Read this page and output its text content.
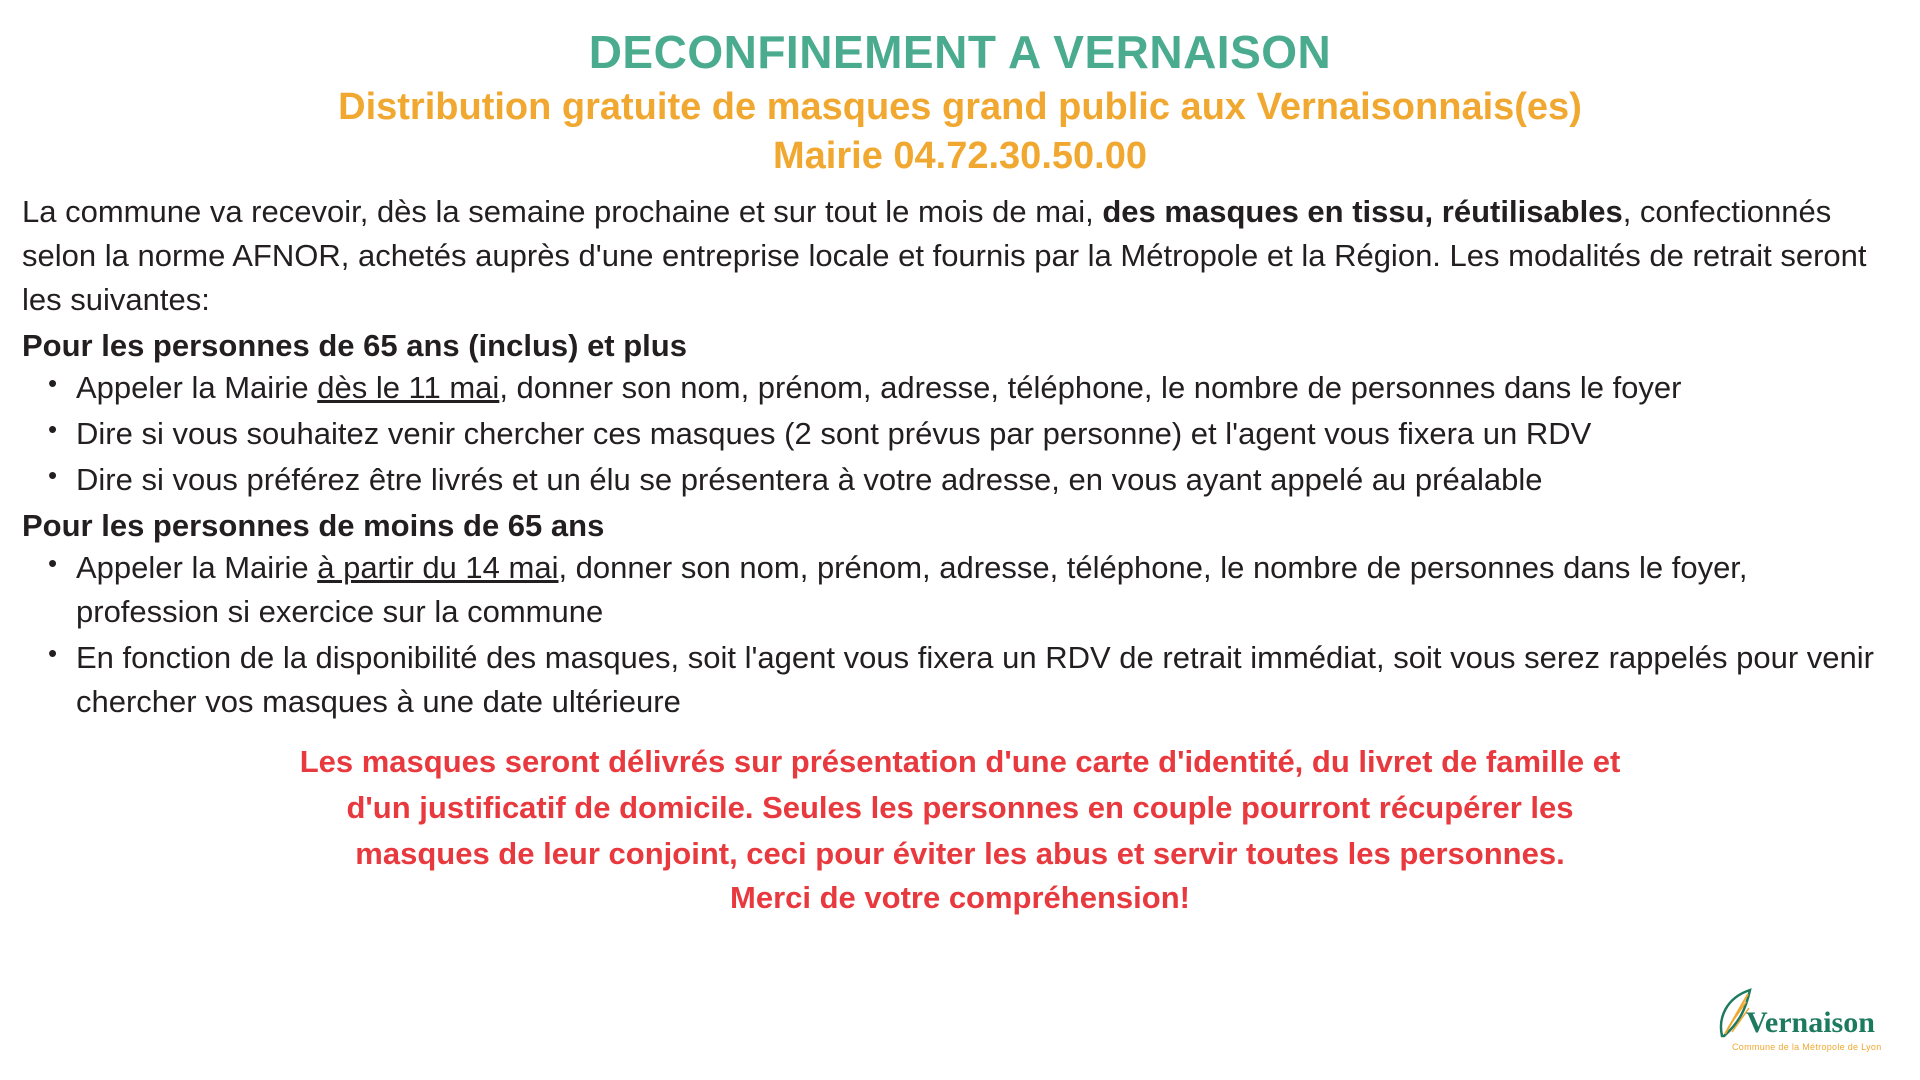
DECONFINEMENT A VERNAISON
Distribution gratuite de masques grand public aux Vernaisonnais(es)
Mairie 04.72.30.50.00

La commune va recevoir, dès la semaine prochaine et sur tout le mois de mai, des masques en tissu, réutilisables, confectionnés selon la norme AFNOR, achetés auprès d'une entreprise locale et fournis par la Métropole et la Région. Les modalités de retrait seront les suivantes:

Pour les personnes de 65 ans (inclus) et plus
• Appeler la Mairie dès le 11 mai, donner son nom, prénom, adresse, téléphone, le nombre de personnes dans le foyer
• Dire si vous souhaitez venir chercher ces masques (2 sont prévus par personne) et l'agent vous fixera un RDV
• Dire si vous préférez être livrés et un élu se présentera à votre adresse, en vous ayant appelé au préalable
Pour les personnes de moins de 65 ans
• Appeler la Mairie à partir du 14 mai, donner son nom, prénom, adresse, téléphone, le nombre de personnes dans le foyer, profession si exercice sur la commune
• En fonction de la disponibilité des masques, soit l'agent vous fixera un RDV de retrait immédiat, soit vous serez rappelés pour venir chercher vos masques à une date ultérieure
Les masques seront délivrés sur présentation d'une carte d'identité, du livret de famille et
d'un justificatif de domicile. Seules les personnes en couple pourront récupérer les
masques de leur conjoint, ceci pour éviter les abus et servir toutes les personnes.
Merci de votre compréhension!
Vernaison
Commune de la Métropole de Lyon
